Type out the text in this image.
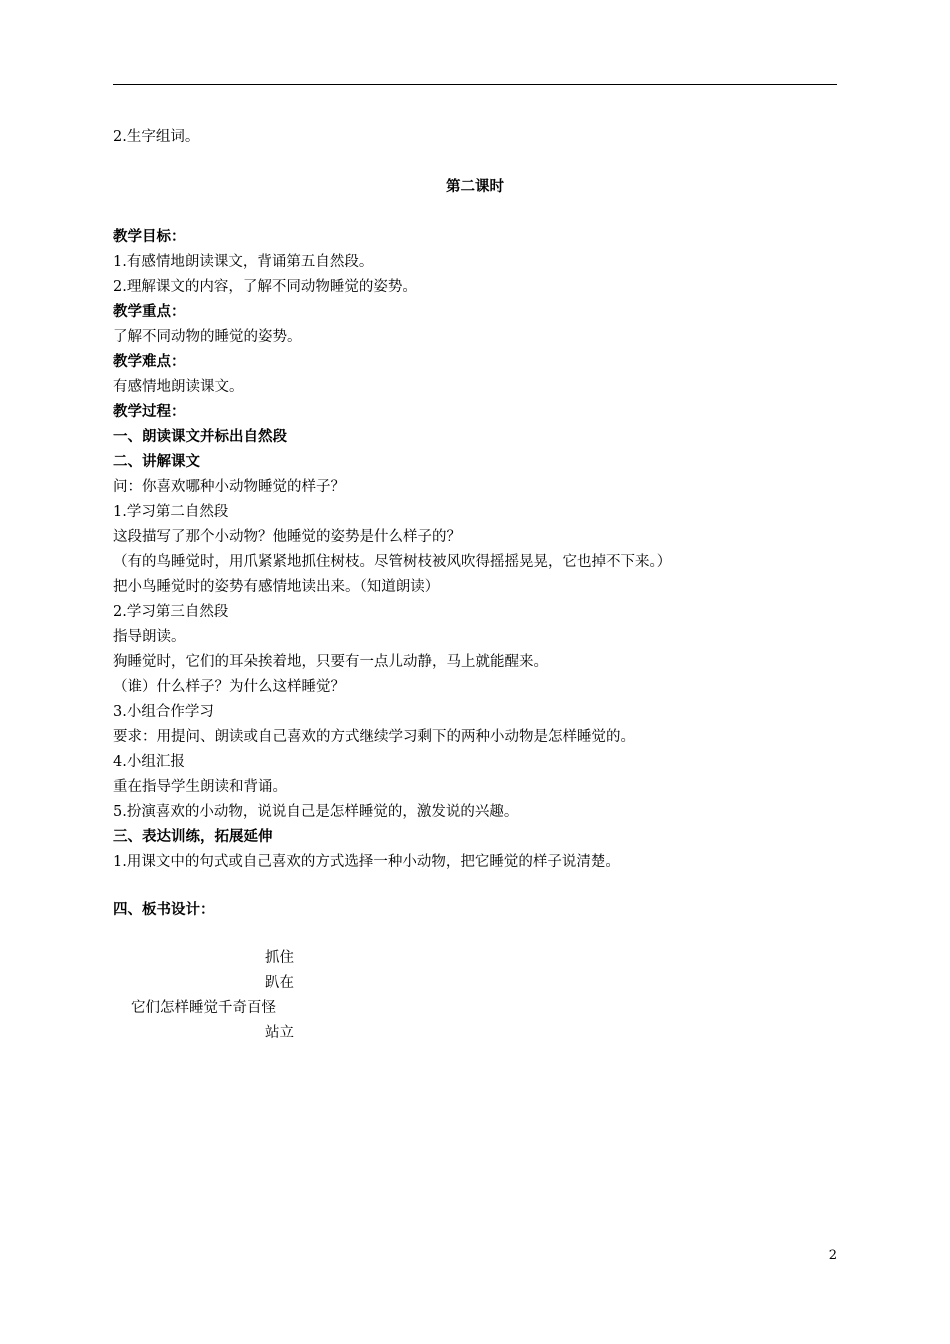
2.生字组词。
第二课时
教学目标：
1.有感情地朗读课文，背诵第五自然段。
2.理解课文的内容，了解不同动物睡觉的姿势。
教学重点：
了解不同动物的睡觉的姿势。
教学难点：
有感情地朗读课文。
教学过程：
一、朗读课文并标出自然段
二、讲解课文
问：你喜欢哪种小动物睡觉的样子？
1.学习第二自然段
这段描写了那个小动物？他睡觉的姿势是什么样子的？
（有的鸟睡觉时，用爪紧紧地抓住树枝。尽管树枝被风吹得摇摇晃晃，它也掉不下来。）
把小鸟睡觉时的姿势有感情地读出来。（知道朗读）
2.学习第三自然段
指导朗读。
狗睡觉时，它们的耳朵挨着地，只要有一点儿动静，马上就能醒来。
（谁）什么样子？为什么这样睡觉？
3.小组合作学习
要求：用提问、朗读或自己喜欢的方式继续学习剩下的两种小动物是怎样睡觉的。
4.小组汇报
重在指导学生朗读和背诵。
5.扮演喜欢的小动物，说说自己是怎样睡觉的，激发说的兴趣。
三、表达训练，拓展延伸
1.用课文中的句式或自己喜欢的方式选择一种小动物，把它睡觉的样子说清楚。
四、板书设计：
抓住
趴在
它们怎样睡觉千奇百怪
站立
2
